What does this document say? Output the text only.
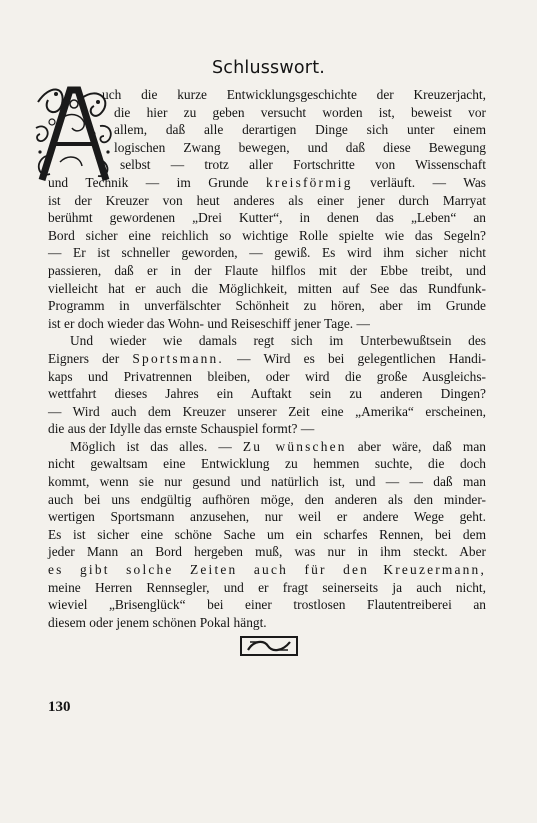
Schlusswort.
uch die kurze Entwicklungsgeschichte der Kreuzerjacht,
die hier zu geben versucht worden ist, beweist vor
allem, daß alle derartigen Dinge sich unter einem
logischen Zwang bewegen, und daß diese Bewegung
selbst — trotz aller Fortschritte von Wissenschaft
und Technik — im Grunde kreisförmig verläuft. — Was
ist der Kreuzer von heut anderes als einer jener durch Marryat
berühmt gewordenen „Drei Kutter“, in denen das „Leben“ an
Bord sicher eine reichlich so wichtige Rolle spielte wie das Segeln?
— Er ist schneller geworden, — gewiß. Es wird ihm sicher nicht
passieren, daß er in der Flaute hilflos mit der Ebbe treibt, und
vielleicht hat er auch die Möglichkeit, mitten auf See das Rundfunk-
Programm in unverfälschter Schönheit zu hören, aber im Grunde
ist er doch wieder das Wohn- und Reiseschiff jener Tage. —
Und wieder wie damals regt sich im Unterbewußtsein des
Eigners der Sportsmann. — Wird es bei gelegentlichen Handi-
kaps und Privatrennen bleiben, oder wird die große Ausgleichs-
wettfahrt dieses Jahres ein Auftakt sein zu anderen Dingen?
— Wird auch dem Kreuzer unserer Zeit eine „Amerika“ erscheinen,
die aus der Idylle das ernste Schauspiel formt? —
Möglich ist das alles. — Zu wünschen aber wäre, daß man
nicht gewaltsam eine Entwicklung zu hemmen suchte, die doch
kommt, wenn sie nur gesund und natürlich ist, und — — daß man
auch bei uns endgültig aufhören möge, den anderen als den minder-
wertigen Sportsmann anzusehen, nur weil er andere Wege geht.
Es ist sicher eine schöne Sache um ein scharfes Rennen, bei dem
jeder Mann an Bord hergeben muß, was nur in ihm steckt. Aber
es gibt solche Zeiten auch für den Kreuzermann,
meine Herren Rennsegler, und er fragt seinerseits ja auch nicht,
wieviel „Brisenglück“ bei einer trostlosen Flautentreiberei an
diesem oder jenem schönen Pokal hängt.
130
